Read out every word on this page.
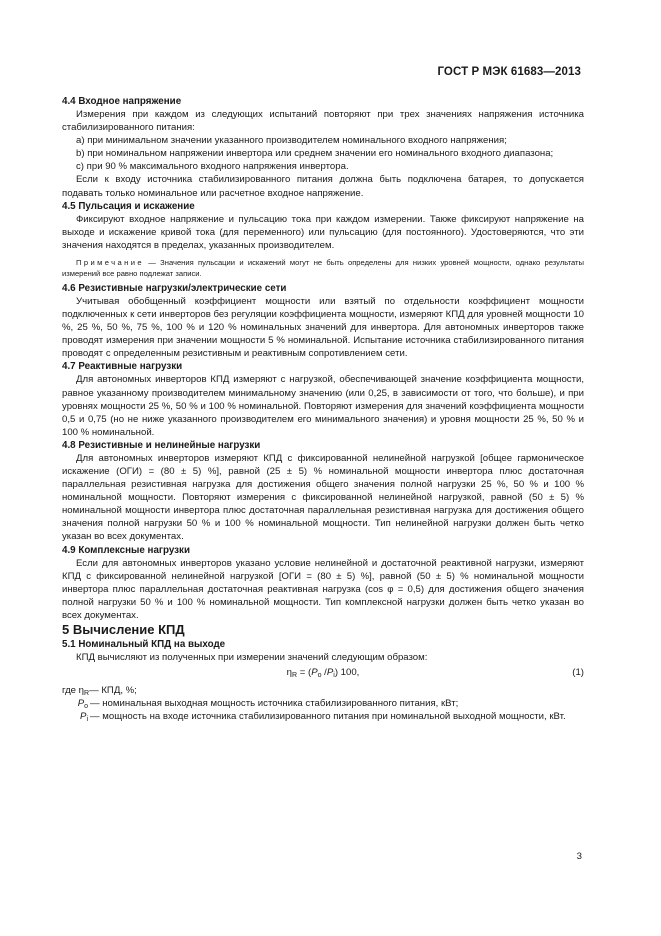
ГОСТ Р МЭК 61683—2013

4.4 Входное напряжение

Измерения при каждом из следующих испытаний повторяют при трех значениях напряжения источника стабилизированного питания:

а) при минимальном значении указанного производителем номинального входного напряжения;

b) при номинальном напряжении инвертора или среднем значении его номинального входного диапазона;

c) при 90 % максимального входного напряжения инвертора.

Если к входу источника стабилизированного питания должна быть подключена батарея, то допускается подавать только номинальное или расчетное входное напряжение.

4.5 Пульсация и искажение

Фиксируют входное напряжение и пульсацию тока при каждом измерении. Также фиксируют напряжение на выходе и искажение кривой тока (для переменного) или пульсацию (для постоянного). Удостоверяются, что эти значения находятся в пределах, указанных производителем.

Примечание — Значения пульсации и искажений могут не быть определены для низких уровней мощности, однако результаты измерений все равно подлежат записи.

4.6 Резистивные нагрузки/электрические сети

Учитывая обобщенный коэффициент мощности или взятый по отдельности коэффициент мощности подключенных к сети инверторов без регуляции коэффициента мощности, измеряют КПД для уровней мощности 10 %, 25 %, 50 %, 75 %, 100 % и 120 % номинальных значений для инвертора. Для автономных инверторов также проводят измерения при значении мощности 5 % номинальной. Испытание источника стабилизированного питания проводят с определенным резистивным и реактивным сопротивлением сети.

4.7 Реактивные нагрузки

Для автономных инверторов КПД измеряют с нагрузкой, обеспечивающей значение коэффициента мощности, равное указанному производителем минимальному значению (или 0,25, в зависимости от того, что больше), и при уровнях мощности 25 %, 50 % и 100 % номинальной. Повторяют измерения для значений коэффициента мощности 0,5 и 0,75 (но не ниже указанного производителем его минимального значения) и уровня мощности 25 %, 50 % и 100 % номинальной.

4.8 Резистивные и нелинейные нагрузки

Для автономных инверторов измеряют КПД с фиксированной нелинейной нагрузкой [общее гармоническое искажение (ОГИ) = (80 ± 5) %], равной (25 ± 5) % номинальной мощности инвертора плюс достаточная параллельная резистивная нагрузка для достижения общего значения полной нагрузки 25 %, 50 % и 100 % номинальной мощности. Повторяют измерения с фиксированной нелинейной нагрузкой, равной (50 ± 5) % номинальной мощности инвертора плюс достаточная параллельная резистивная нагрузка для достижения общего значения полной нагрузки 50 % и 100 % номинальной мощности. Тип нелинейной нагрузки должен быть четко указан во всех документах.

4.9 Комплексные нагрузки

Если для автономных инверторов указано условие нелинейной и достаточной реактивной нагрузки, измеряют КПД с фиксированной нелинейной нагрузкой [ОГИ = (80 ± 5) %], равной (50 ± 5) % номинальной мощности инвертора плюс параллельная достаточная реактивная нагрузка (cos φ = 0,5) для достижения общего значения полной нагрузки 50 % и 100 % номинальной мощности. Тип комплексной нагрузки должен быть четко указан во всех документах.

5 Вычисление КПД

5.1 Номинальный КПД на выходе

КПД вычисляют из полученных при измерении значений следующим образом:

$\eta_R = (P_o$ $/P_i$) 100,	(1)
где $\eta_R$ — КПД, %;
$P_o$ — номинальная выходная мощность источника стабилизированного питания, кВт;
$P_i$ — мощность на входе источника стабилизированного питания при номинальной выходной мощности, кВт.
3
